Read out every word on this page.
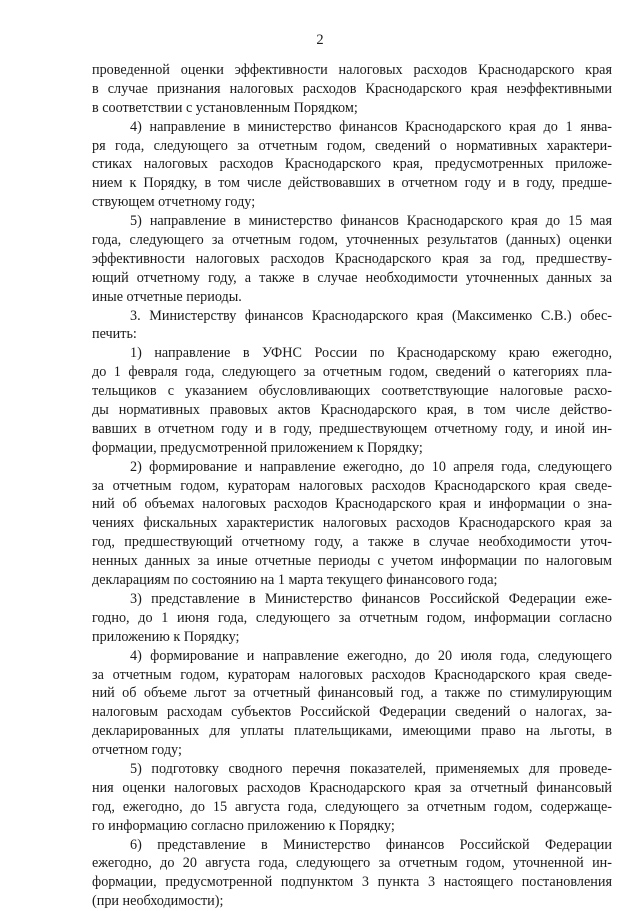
2
проведенной оценки эффективности налоговых расходов Краснодарского края
в случае признания налоговых расходов Краснодарского края неэффективными
в соответствии с установленным Порядком;
4) направление в министерство финансов Краснодарского края до 1 янва-
ря года, следующего за отчетным годом, сведений о нормативных характери-
стиках налоговых расходов Краснодарского края, предусмотренных приложе-
нием к Порядку, в том числе действовавших в отчетном году и в году, предше-
ствующем отчетному году;
5) направление в министерство финансов Краснодарского края до 15 мая
года, следующего за отчетным годом, уточненных результатов (данных) оценки
эффективности налоговых расходов Краснодарского края за год, предшеству-
ющий отчетному году, а также в случае необходимости уточненных данных за
иные отчетные периоды.
3. Министерству финансов Краснодарского края (Максименко С.В.) обес-
печить:
1) направление в УФНС России по Краснодарскому краю ежегодно,
до 1 февраля года, следующего за отчетным годом, сведений о категориях пла-
тельщиков с указанием обусловливающих соответствующие налоговые расхо-
ды нормативных правовых актов Краснодарского края, в том числе действо-
вавших в отчетном году и в году, предшествующем отчетному году, и иной ин-
формации, предусмотренной приложением к Порядку;
2) формирование и направление ежегодно, до 10 апреля года, следующего
за отчетным годом, кураторам налоговых расходов Краснодарского края сведе-
ний об объемах налоговых расходов Краснодарского края и информации о зна-
чениях фискальных характеристик налоговых расходов Краснодарского края за
год, предшествующий отчетному году, а также в случае необходимости уточ-
ненных данных за иные отчетные периоды с учетом информации по налоговым
декларациям по состоянию на 1 марта текущего финансового года;
3) представление в Министерство финансов Российской Федерации еже-
годно, до 1 июня года, следующего за отчетным годом, информации согласно
приложению к Порядку;
4) формирование и направление ежегодно, до 20 июля года, следующего
за отчетным годом, кураторам налоговых расходов Краснодарского края сведе-
ний об объеме льгот за отчетный финансовый год, а также по стимулирующим
налоговым расходам субъектов Российской Федерации сведений о налогах, за-
декларированных для уплаты плательщиками, имеющими право на льготы, в
отчетном году;
5) подготовку сводного перечня показателей, применяемых для проведе-
ния оценки налоговых расходов Краснодарского края за отчетный финансовый
год, ежегодно, до 15 августа года, следующего за отчетным годом, содержаще-
го информацию согласно приложению к Порядку;
6) представление в Министерство финансов Российской Федерации
ежегодно, до 20 августа года, следующего за отчетным годом, уточненной ин-
формации, предусмотренной подпунктом 3 пункта 3 настоящего постановления
(при необходимости);
